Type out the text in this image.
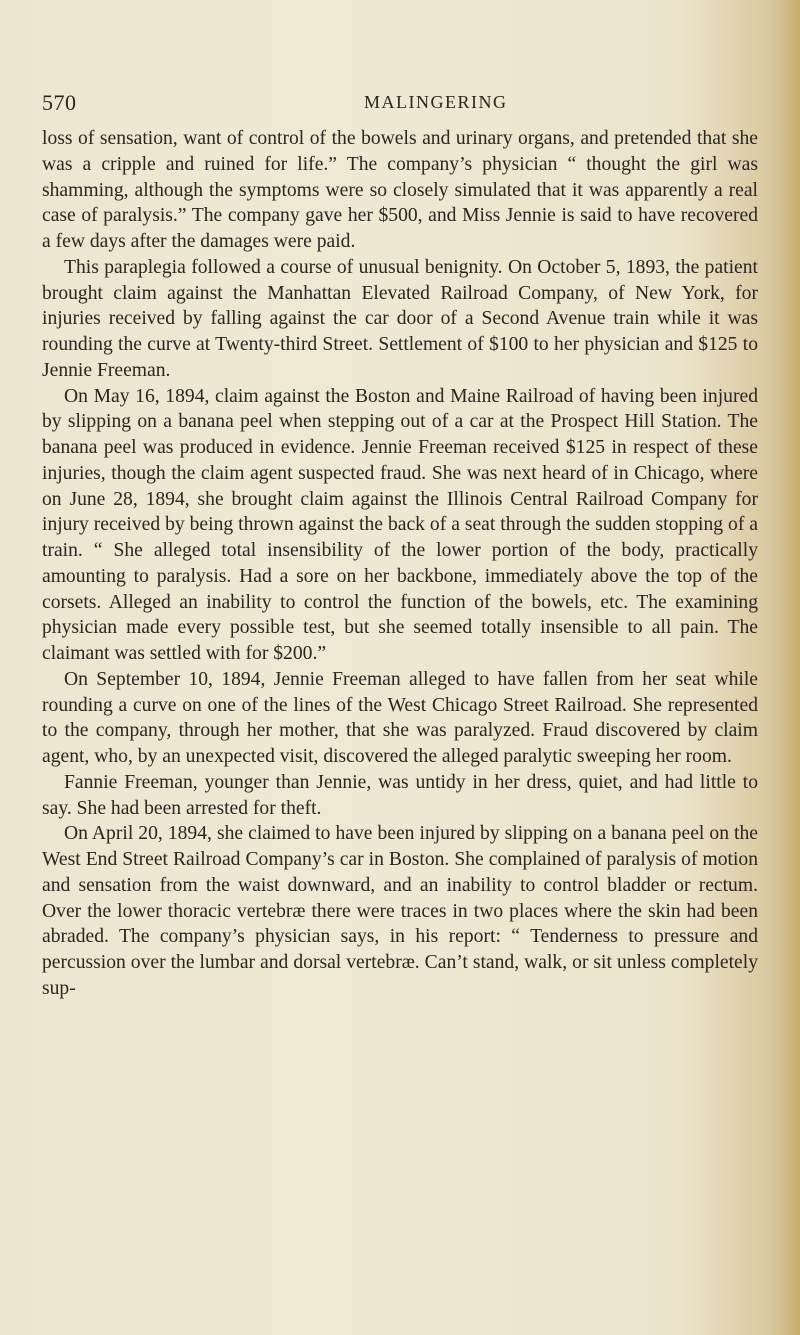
570	MALINGERING

loss of sensation, want of control of the bowels and urinary organs, and pretended that she was a cripple and ruined for life.” The company’s physician “ thought the girl was shamming, although the symptoms were so closely simulated that it was apparently a real case of paralysis.” The company gave her $500, and Miss Jennie is said to have recovered a few days after the damages were paid.

This paraplegia followed a course of unusual benignity. On October 5, 1893, the patient brought claim against the Manhattan Elevated Railroad Company, of New York, for injuries received by falling against the car door of a Second Avenue train while it was rounding the curve at Twenty-third Street. Settlement of $100 to her physician and $125 to Jennie Freeman.

On May 16, 1894, claim against the Boston and Maine Railroad of having been injured by slipping on a banana peel when stepping out of a car at the Prospect Hill Station. The banana peel was produced in evidence. Jennie Freeman received $125 in respect of these injuries, though the claim agent suspected fraud. She was next heard of in Chicago, where on June 28, 1894, she brought claim against the Illinois Central Railroad Company for injury received by being thrown against the back of a seat through the sudden stopping of a train. “ She alleged total insensibility of the lower portion of the body, practically amounting to paralysis. Had a sore on her backbone, immediately above the top of the corsets. Alleged an inability to control the function of the bowels, etc. The examining physician made every possible test, but she seemed totally insensible to all pain. The claimant was settled with for $200.”

On September 10, 1894, Jennie Freeman alleged to have fallen from her seat while rounding a curve on one of the lines of the West Chicago Street Railroad. She represented to the company, through her mother, that she was paralyzed. Fraud discovered by claim agent, who, by an unexpected visit, discovered the alleged paralytic sweeping her room.

Fannie Freeman, younger than Jennie, was untidy in her dress, quiet, and had little to say. She had been arrested for theft.

On April 20, 1894, she claimed to have been injured by slipping on a banana peel on the West End Street Railroad Company’s car in Boston. She complained of paralysis of motion and sensation from the waist downward, and an inability to control bladder or rectum. Over the lower thoracic vertebræ there were traces in two places where the skin had been abraded. The company’s physician says, in his report: “ Tenderness to pressure and percussion over the lumbar and dorsal vertebræ. Can’t stand, walk, or sit unless completely sup-
